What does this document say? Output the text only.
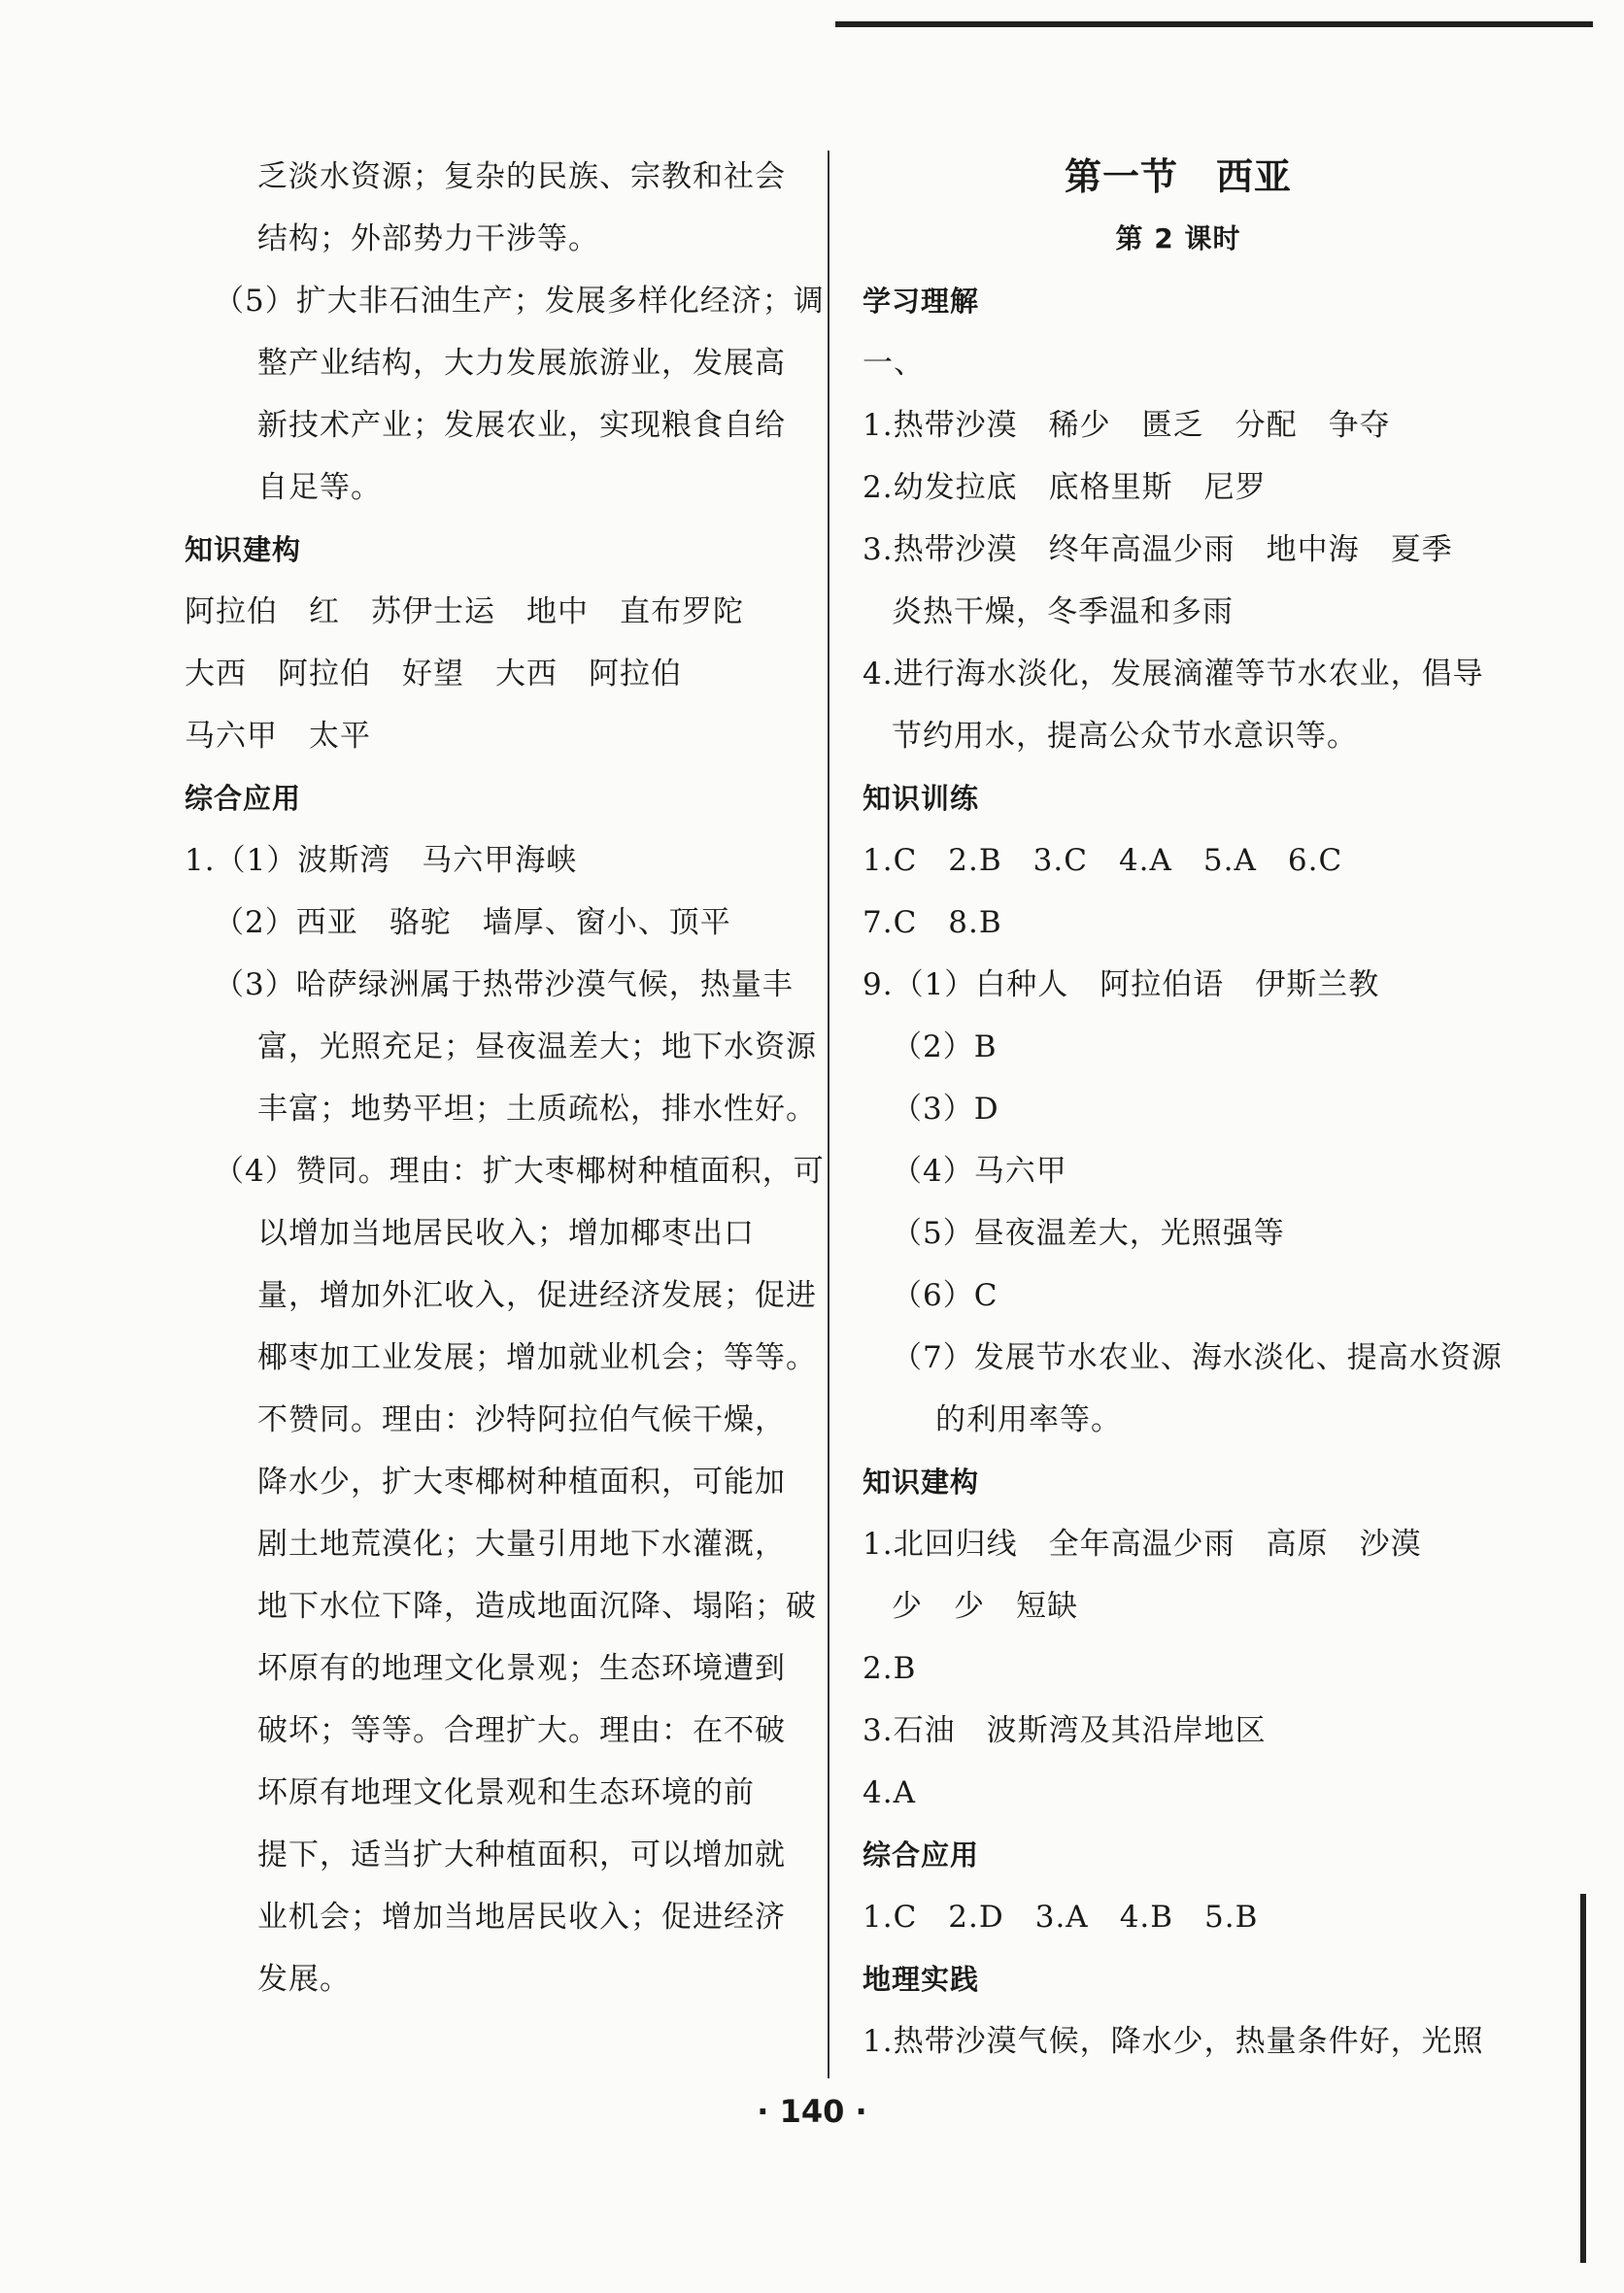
乏淡水资源；复杂的民族、宗教和社会
结构；外部势力干涉等。
（5）扩大非石油生产；发展多样化经济；调
整产业结构，大力发展旅游业，发展高
新技术产业；发展农业，实现粮食自给
自足等。
知识建构
阿拉伯　红　苏伊士运　地中　直布罗陀
大西　阿拉伯　好望　大西　阿拉伯
马六甲　太平
综合应用
1.（1）波斯湾　马六甲海峡
（2）西亚　骆驼　墙厚、窗小、顶平
（3）哈萨绿洲属于热带沙漠气候，热量丰
富，光照充足；昼夜温差大；地下水资源
丰富；地势平坦；土质疏松，排水性好。
（4）赞同。理由：扩大枣椰树种植面积，可
以增加当地居民收入；增加椰枣出口
量，增加外汇收入，促进经济发展；促进
椰枣加工业发展；增加就业机会；等等。
不赞同。理由：沙特阿拉伯气候干燥，
降水少，扩大枣椰树种植面积，可能加
剧土地荒漠化；大量引用地下水灌溉，
地下水位下降，造成地面沉降、塌陷；破
坏原有的地理文化景观；生态环境遭到
破坏；等等。合理扩大。理由：在不破
坏原有地理文化景观和生态环境的前
提下，适当扩大种植面积，可以增加就
业机会；增加当地居民收入；促进经济
发展。
第一节　西亚
第 2 课时
学习理解
一、
1.热带沙漠　稀少　匮乏　分配　争夺
2.幼发拉底　底格里斯　尼罗
3.热带沙漠　终年高温少雨　地中海　夏季
炎热干燥，冬季温和多雨
4.进行海水淡化，发展滴灌等节水农业，倡导
节约用水，提高公众节水意识等。
知识训练
1.C　2.B　3.C　4.A　5.A　6.C
7.C　8.B
9.（1）白种人　阿拉伯语　伊斯兰教
（2）B
（3）D
（4）马六甲
（5）昼夜温差大，光照强等
（6）C
（7）发展节水农业、海水淡化、提高水资源
的利用率等。
知识建构
1.北回归线　全年高温少雨　高原　沙漠
少　少　短缺
2.B
3.石油　波斯湾及其沿岸地区
4.A
综合应用
1.C　2.D　3.A　4.B　5.B
地理实践
1.热带沙漠气候，降水少，热量条件好，光照
· 140 ·
